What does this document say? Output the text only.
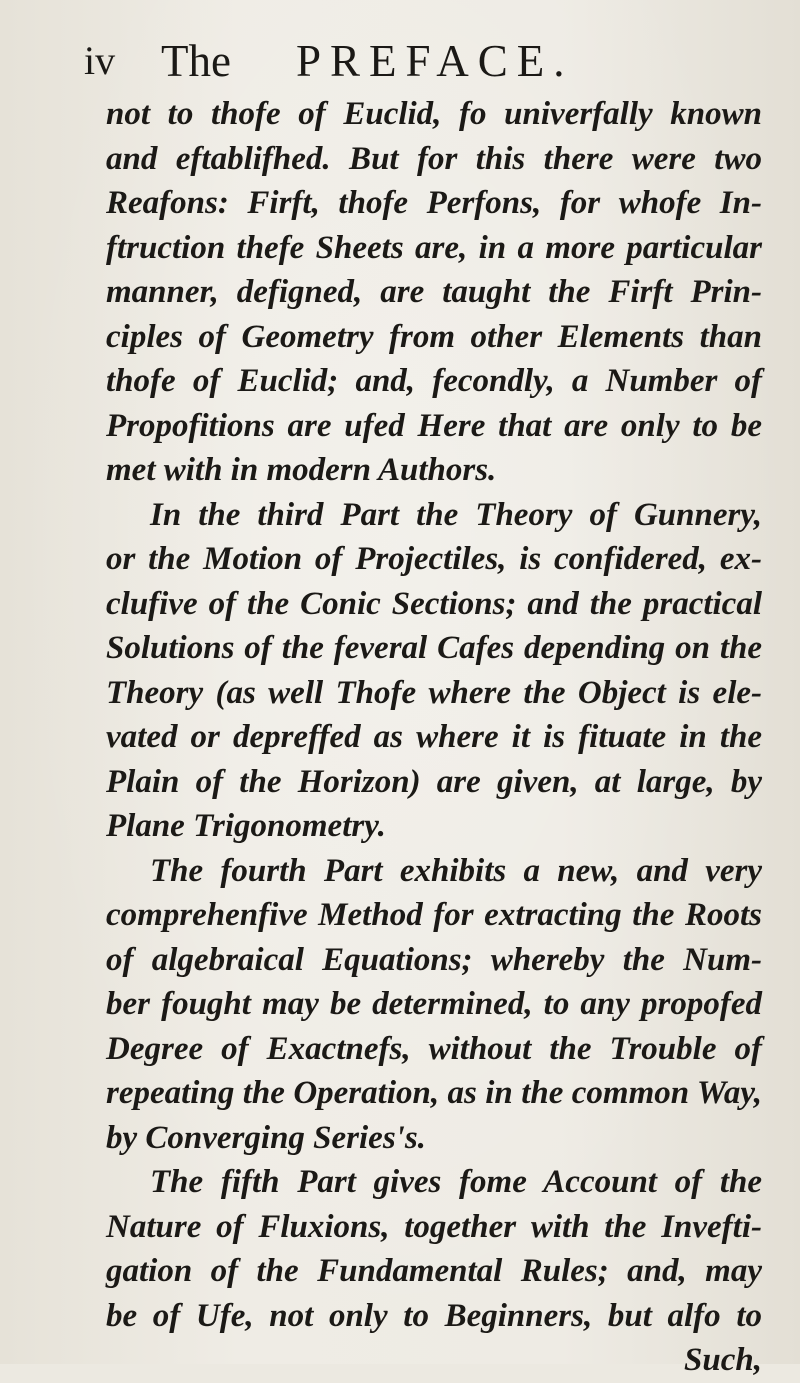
iv The PREFACE.
not to thofe of Euclid, fo univerfally known
and eftablifhed. But for this there were two
Reafons: Firft, thofe Perfons, for whofe In-
ftruction thefe Sheets are, in a more particular
manner, defigned, are taught the Firft Prin-
ciples of Geometry from other Elements than
thofe of Euclid; and, fecondly, a Number of
Propofitions are ufed Here that are only to be
met with in modern Authors.
In the third Part the Theory of Gunnery,
or the Motion of Projectiles, is confidered, ex-
clufive of the Conic Sections; and the practical
Solutions of the feveral Cafes depending on the
Theory (as well Thofe where the Object is ele-
vated or depreffed as where it is fituate in the
Plain of the Horizon) are given, at large, by
Plane Trigonometry.
The fourth Part exhibits a new, and very
comprehenfive Method for extracting the Roots
of algebraical Equations; whereby the Num-
ber fought may be determined, to any propofed
Degree of Exactnefs, without the Trouble of
repeating the Operation, as in the common Way,
by Converging Series's.
The fifth Part gives fome Account of the
Nature of Fluxions, together with the Invefti-
gation of the Fundamental Rules; and, may
be of Ufe, not only to Beginners, but alfo to
Such,
